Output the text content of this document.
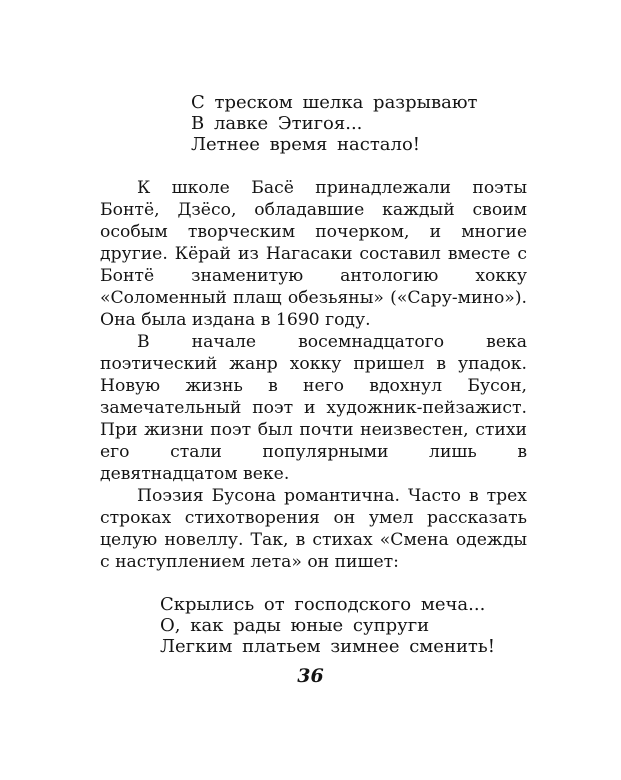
С треском шелка разрывают
В лавке Этигоя...
Летнее время настало!

К школе Басё принадлежали поэты Бонтё, Дзёсо, обладавшие каждый своим особым творческим почерком, и многие другие. Кёрай из Нагасаки составил вместе с Бонтё знаменитую антологию хокку «Соломенный плащ обезьяны» («Сару-мино»). Она была издана в 1690 году.

В начале восемнадцатого века поэтический жанр хокку пришел в упадок. Новую жизнь в него вдохнул Бусон, замечательный поэт и художник-пейзажист. При жизни поэт был почти неизвестен, стихи его стали популярными лишь в девятнадцатом веке.

Поэзия Бусона романтична. Часто в трех строках стихотворения он умел рассказать целую новеллу. Так, в стихах «Смена одежды с наступлением лета» он пишет:

Скрылись от господского меча...
О, как рады юные супруги
Легким платьем зимнее сменить!
36
